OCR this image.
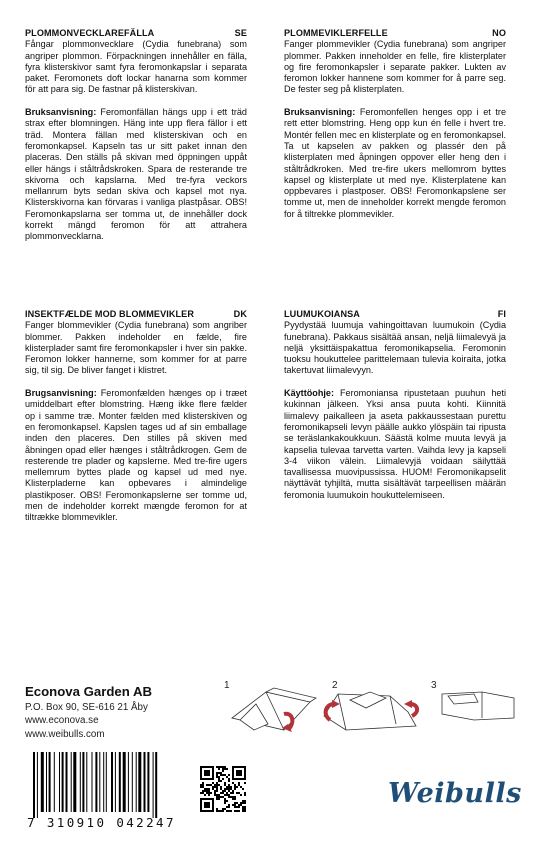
PLOMMONVECKLAREFÄLLA	SE

Fångar plommonvecklare (Cydia funebrana) som angriper plommon. Förpackningen innehåller en fälla, fyra klisterskivor samt fyra feromonkapslar i separata paket. Feromonets doft lockar hanarna som kommer för att para sig. De fastnar på klisterskivan.

Bruksanvisning: Feromonfällan hängs upp i ett träd strax efter blomningen. Häng inte upp flera fällor i ett träd. Montera fällan med klisterskivan och en feromonkapsel. Kapseln tas ur sitt paket innan den placeras. Den ställs på skivan med öppningen uppåt eller hängs i ståltrådskroken. Spara de resterande tre skivorna och kapslarna. Med tre-fyra veckors mellanrum byts sedan skiva och kapsel mot nya. Klisterskivorna kan förvaras i vanliga plastpåsar. OBS! Feromonkapslarna ser tomma ut, de innehåller dock korrekt mängd feromon för att attrahera plommonvecklarna.

PLOMMEVIKLERFELLE	NO

Fanger plommevikler (Cydia funebrana) som angriper plommer. Pakken inneholder en felle, fire klisterplater og fire feromonkapsler i separate pakker. Lukten av feromon lokker hannene som kommer for å parre seg. De fester seg på klisterplaten.

Bruksanvisning: Feromonfellen henges opp i et tre rett etter blomstring. Heng opp kun én felle i hvert tre. Montér fellen mec en klisterplate og en feromonkapsel. Ta ut kapselen av pakken og plassér den på klisterplaten med åpningen oppover eller heng den i ståltrådkroken. Med tre-fire ukers mellomrom byttes kapsel og klisterplate ut med nye. Klisterplatene kan oppbevares i plastposer. OBS! Feromonkapslene ser tomme ut, men de inneholder korrekt mengde feromon for å tiltrekke plommevikler.

INSEKTFÆLDE MOD BLOMMEVIKLER	DK

Fanger blommevikler (Cydia funebrana) som angriber blommer. Pakken indeholder en fælde, fire klisterplader samt fire feromonkapsler i hver sin pakke. Feromon lokker hannerne, som kommer for at parre sig, til sig. De bliver fanget i klistret.

Brugsanvisning: Feromonfælden hænges op i træet umiddelbart efter blomstring. Hæng ikke flere fælder op i samme træ. Monter fælden med klisterskiven og en feromonkapsel. Kapslen tages ud af sin emballage inden den placeres. Den stilles på skiven med åbningen opad eller hænges i ståltrådkrogen. Gem de resterende tre plader og kapslerne. Med tre-fire ugers mellemrum byttes plade og kapsel ud med nye. Klisterpladerne kan opbevares i almindelige plastikposer. OBS! Feromonkapslerne ser tomme ud, men de indeholder korrekt mængde feromon for at tiltrække blommevikler.

LUUMUKOIANSA	FI

Pyydystää luumuja vahingoittavan luumukoin (Cydia funebrana). Pakkaus sisältää ansan, neljä liimalevyä ja neljä yksittäispakattua feromonikapselia. Feromonin tuoksu houkuttelee parittelemaan tulevia koiraita, jotka takertuvat liimalevyyn.

Käyttöohje: Feromoniansa ripustetaan puuhun heti kukinnan jälkeen. Yksi ansa puuta kohti. Kiinnitä liimalevy paikalleen ja aseta pakkaussestaan purettu feromonikapseli levyn päälle aukko ylöspäin tai ripusta se teräslankakoukkuun. Säästä kolme muuta levyä ja kapselia tulevaa tarvetta varten. Vaihda levy ja kapseli 3-4 viikon välein. Liimalevyjä voidaan säilyttää tavallisessa muovipussissa. HUOM! Feromonikapselit näyttävät tyhjiltä, mutta sisältävät tarpeellisen määrän feromonia luumukoin houkuttelemiseen.

Econova Garden AB
P.O. Box 90, SE-616 21 Åby
www.econova.se
www.weibulls.com
1	2	3
7 310910 042247
Weibulls
